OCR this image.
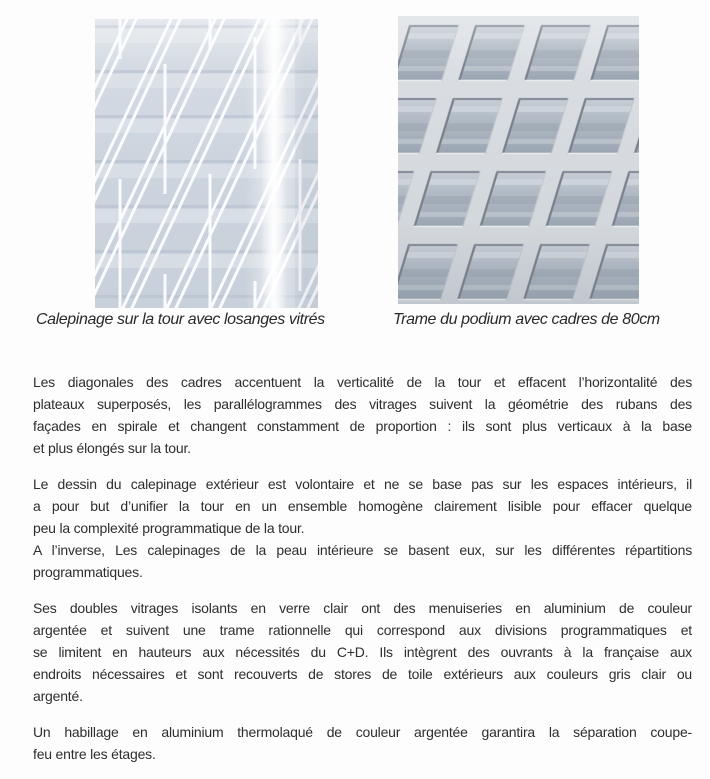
Calepinage sur la tour avec losanges vitrés	Trame du podium avec cadres de 80cm

Les diagonales des cadres accentuent la verticalité de la tour et effacent l’horizontalité des
plateaux superposés, les parallélogrammes des vitrages suivent la géométrie des rubans des
façades en spirale et changent constamment de proportion : ils sont plus verticaux à la base
et plus élongés sur la tour.

Le dessin du calepinage extérieur est volontaire et ne se base pas sur les espaces intérieurs, il
a pour but d’unifier la tour en un ensemble homogène clairement lisible pour effacer quelque
peu la complexité programmatique de la tour.
A l’inverse, Les calepinages de la peau intérieure se basent eux, sur les différentes répartitions
programmatiques.

Ses doubles vitrages isolants en verre clair ont des menuiseries en aluminium de couleur
argentée et suivent une trame rationnelle qui correspond aux divisions programmatiques et
se limitent en hauteurs aux nécessités du C+D. Ils intègrent des ouvrants à la française aux
endroits nécessaires et sont recouverts de stores de toile extérieurs aux couleurs gris clair ou
argenté.

Un habillage en aluminium thermolaqué de couleur argentée garantira la séparation coupe-
feu entre les étages.
